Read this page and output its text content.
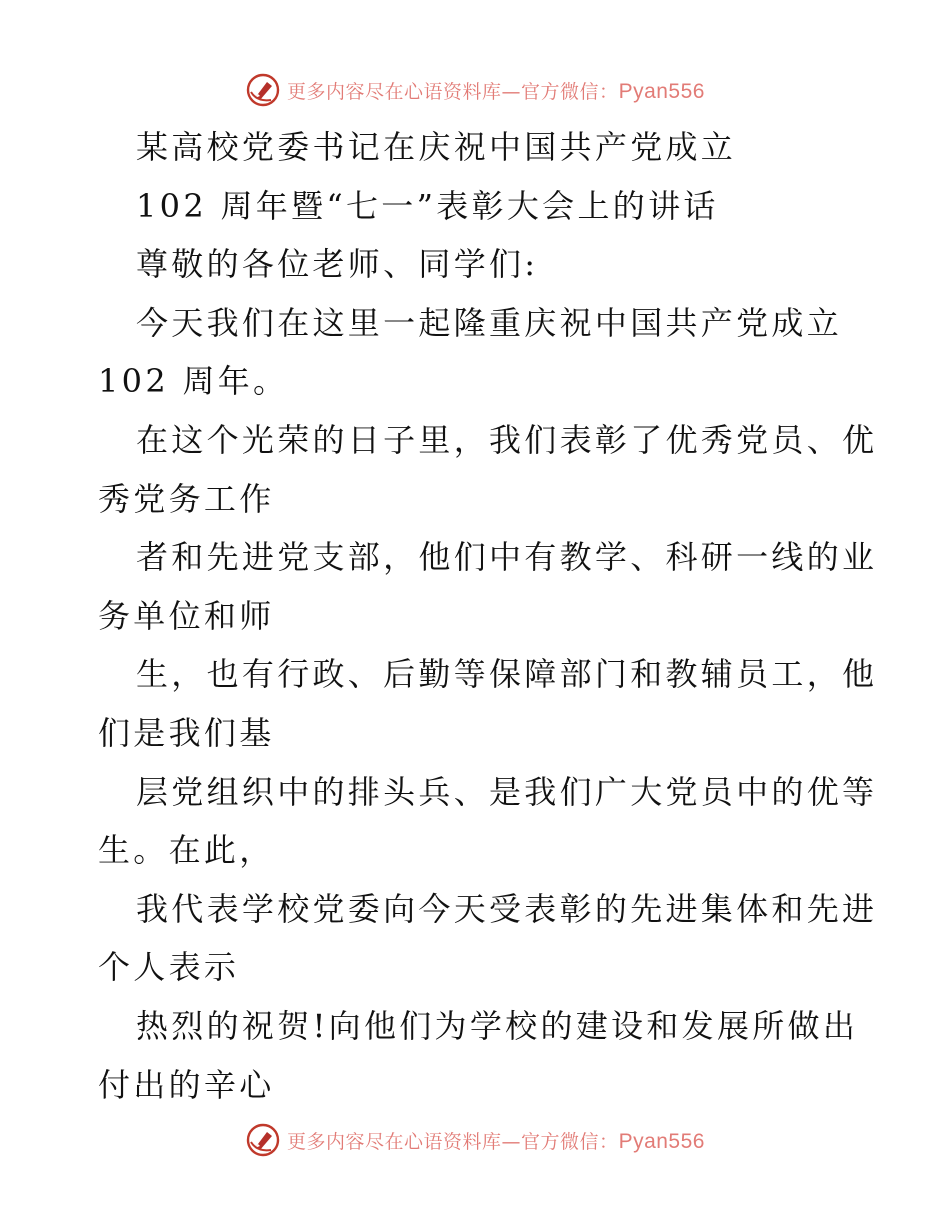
更多内容尽在心语资料库—官方微信：Pyan556
某高校党委书记在庆祝中国共产党成立
102 周年暨“七一”表彰大会上的讲话
尊敬的各位老师、同学们:
今天我们在这里一起隆重庆祝中国共产党成立
102 周年。
在这个光荣的日子里，我们表彰了优秀党员、优
秀党务工作
者和先进党支部，他们中有教学、科研一线的业
务单位和师
生，也有行政、后勤等保障部门和教辅员工，他
们是我们基
层党组织中的排头兵、是我们广大党员中的优等
生。在此，
我代表学校党委向今天受表彰的先进集体和先进
个人表示
热烈的祝贺!向他们为学校的建设和发展所做出
付出的辛心
更多内容尽在心语资料库—官方微信：Pyan556
